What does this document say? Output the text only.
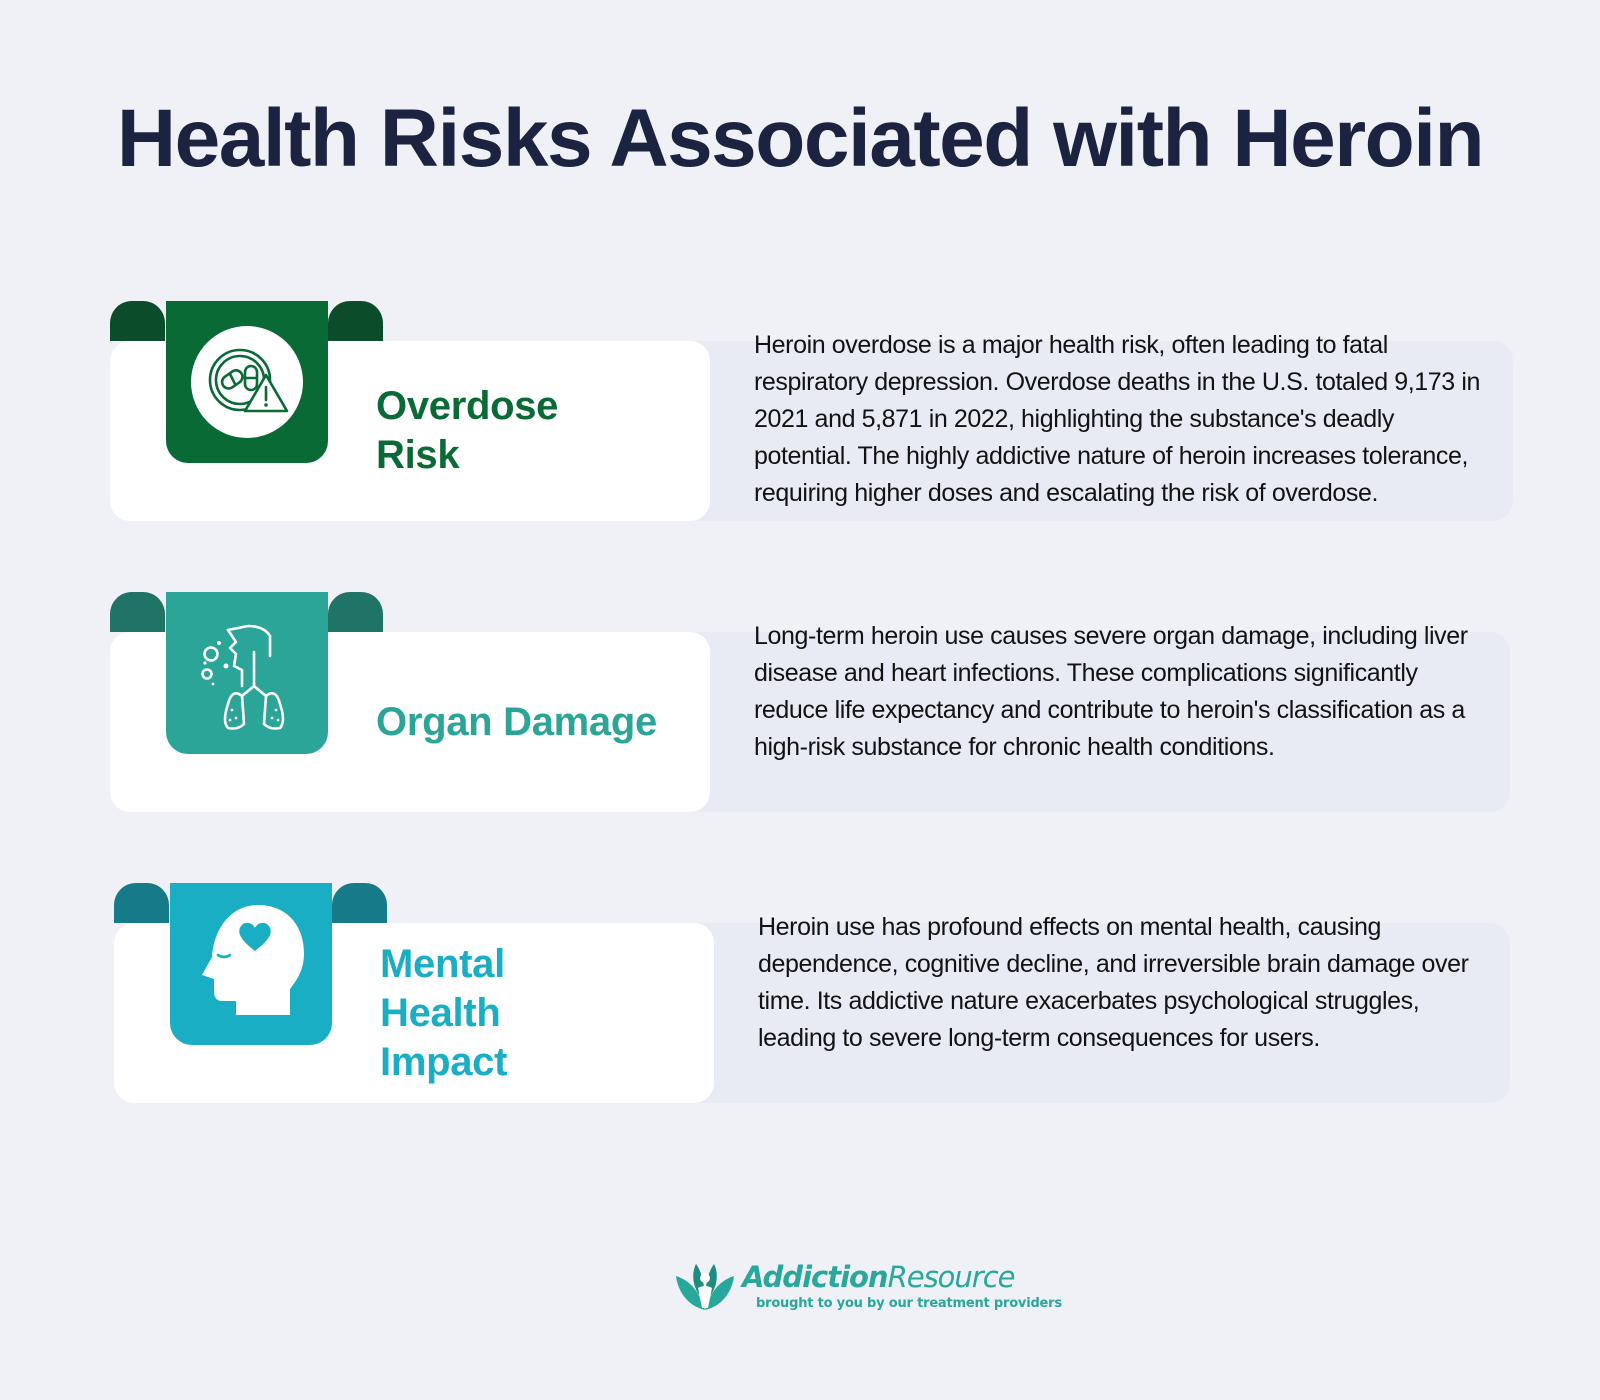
Health Risks Associated with Heroin
Overdose
Risk

Heroin overdose is a major health risk, often leading to fatal respiratory depression. Overdose deaths in the U.S. totaled 9,173 in 2021 and 5,871 in 2022, highlighting the substance's deadly potential. The highly addictive nature of heroin increases tolerance, requiring higher doses and escalating the risk of overdose.

Organ Damage

Long-term heroin use causes severe organ damage, including liver disease and heart infections. These complications significantly reduce life expectancy and contribute to heroin's classification as a high-risk substance for chronic health conditions.

Mental
Health
Impact

Heroin use has profound effects on mental health, causing dependence, cognitive decline, and irreversible brain damage over time. Its addictive nature exacerbates psychological struggles, leading to severe long-term consequences for users.

AddictionResource
brought to you by our treatment providers
